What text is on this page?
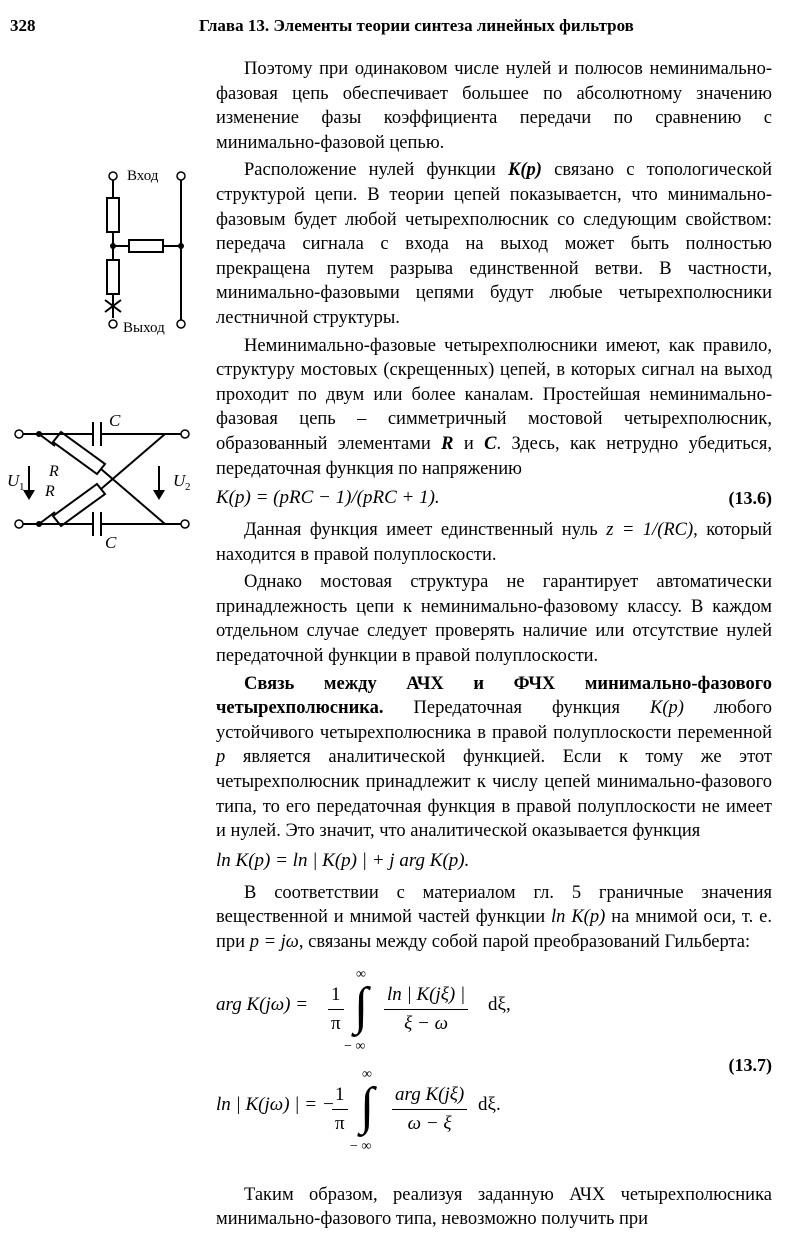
328	Глава 13. Элементы теории синтеза линейных фильтров
Вход
Выход
C
C
R
R
U 1	U 2

Поэтому при одинаковом числе нулей и полюсов неминимально-фазовая цепь обеспечивает большее по абсолютному значению изменение фазы коэффициента передачи по сравнению с минимально-фазовой цепью.

Расположение нулей функции K(p) связано с топологической структурой цепи. В теории цепей показываетсн, что минимально-фазовым будет любой четырехполюсник со следующим свойством: передача сигнала с входа на выход может быть полностью прекращена путем разрыва единственной ветви. В частности, минимально-фазовыми цепями будут любые четырехполюсники лестничной структуры.

Неминимально-фазовые четырехполюсники имеют, как правило, структуру мостовых (скрещенных) цепей, в которых сигнал на выход проходит по двум или более каналам. Простейшая неминимально-фазовая цепь – симметричный мостовой четырехполюсник, образованный элементами R и C. Здесь, как нетрудно убедиться, передаточная функция по напряжению

K(p) = (pRC − 1)/(pRC + 1).	(13.6)

Данная функция имеет единственный нуль z = 1/(RC), который находится в правой полуплоскости.

Однако мостовая структура не гарантирует автоматически принадлежность цепи к неминимально-фазовому классу. В каждом отдельном случае следует проверять наличие или отсутствие нулей передаточной функции в правой полуплоскости.

Связь между АЧХ и ФЧХ минимально-фазового четырехполюсника. Передаточная функция K(p) любого устойчивого четырехполюсника в правой полуплоскости переменной p является аналитической функцией. Если к тому же этот четырехполюсник принадлежит к числу цепей минимально-фазового типа, то его передаточная функция в правой полуплоскости не имеет и нулей. Это значит, что аналитической оказывается функция

ln K(p) = ln | K(p) | + j arg K(p).

В соответствии с материалом гл. 5 граничные значения вещественной и мнимой частей функции ln K(p) на мнимой оси, т. е. при p = jω, связаны между собой парой преобразований Гильберта:

arg K(jω) = 1
π
∞
∫
− ∞
ln | K(jξ) |
ξ − ω
dξ,
(13.7)
ln | K(jω) | = − 1
π
∞
∫
− ∞
arg K(jξ)
ω − ξ
dξ.

Таким образом, реализуя заданную АЧХ четырехполюсника минимально-фазового типа, невозможно получить при
